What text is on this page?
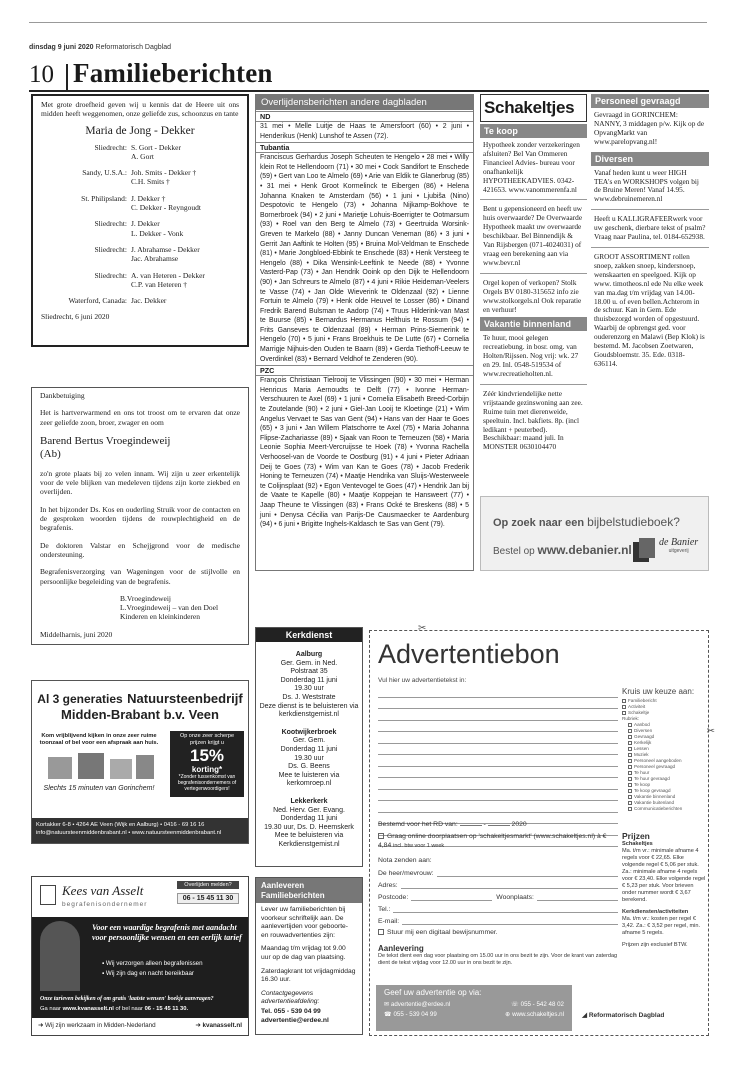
dinsdag 9 juni 2020 Reformatorisch Dagblad
10 Familieberichten
Met grote droefheid geven wij u kennis dat de Heere uit ons midden heeft weggenomen, onze geliefde zus, schoonzus en tante
Maria de Jong - Dekker
Sliedrecht: S. Gort - Dekker
A. Gort
Sandy, U.S.A.: Joh. Smits - Dekker †
C.H. Smits †
St. Philipsland: J. Dekker †
C. Dekker - Reyngoudt
Sliedrecht: J. Dekker
L. Dekker - Vonk
Sliedrecht: J. Abrahamse - Dekker
Jac. Abrahamse
Sliedrecht: A. van Heteren - Dekker
C.P. van Heteren †
Waterford, Canada: Jac. Dekker
Sliedrecht, 6 juni 2020

Dankbetuiging

Het is hartverwarmend en ons tot troost om te ervaren dat onze zeer geliefde zoon, broer, zwager en oom

Barend Bertus Vroegindeweij
(Ab)

zo'n grote plaats bij zo velen innam. Wij zijn u zeer erkentelijk voor de vele blijken van medeleven tijdens zijn korte ziekbed en overlijden.

In het bijzonder Ds. Kos en ouderling Struik voor de contacten en de gesproken woorden tijdens de rouwplechtigheid en de begrafenis.

De doktoren Valstar en Schejjgrond voor de medische ondersteuning.

Begrafenisverzorging van Wageningen voor de stijlvolle en persoonlijke begeleiding van de begrafenis.

B.Vroegindeweij
L.Vroegindeweij – van den Doel
Kinderen en kleinkinderen

Middelharnis, juni 2020

Overlijdensberichten andere dagbladen
ND
31 mei • Melle Luitje de Haas te Amersfoort (60) • 2 juni • Henderikus (Henk) Lunshof te Assen (72).
Tubantia
Franciscus Gerhardus Joseph Scheuten te Hengelo • 28 mei • Willy klein Rot te Hellendoorn (71) • 30 mei • Cock Sandifort te Enschede (59) • Gert van Loo te Almelo (69) • Arie van Eldik te Glanerbrug (85) • 31 mei • Henk Groot Kormelinck te Eibergen (86) • Helena Johanna Knaken te Amsterdam (56) • 1 juni • Ljubiša (Nino) Despotovic te Hengelo (73) • Johanna Nijkamp-Bokhove te Bornerbroek (94) • 2 juni • Marietje Lohuis-Boerrigter te Ootmarsum (93) • Roel van den Berg te Almelo (73) • Geertruida Worsink-Greven te Markelo (88) • Janny Duncan Veneman (86) • 3 juni • Gerrit Jan Aaftink te Holten (95) • Bruina Mol-Veldman te Enschede (81) • Marie Jongbloed-Ebbink te Enschede (83) • Henk Versteeg te Hengelo (88) • Dika Wensink-Leeftink te Neede (88) • Yvonne Vasterd-Pap (73) • Jan Hendrik Ooink op den Dijk te Hellendoorn (90) • Jan Schreurs te Almelo (87) • 4 juni • Rikie Heideman-Veelers te Vasse (74) • Jan Olde Wieverink te Oldenzaal (92) • Lienne Fortuin te Almelo (79) • Henk olde Heuvel te Losser (86) • Dinand Fredrik Barend Bulsman te Aadorp (74) • Truus Hilderink-van Mast te Buurse (85) • Bernardus Hermanus Helthuis te Rossum (94) • Frits Ganseves te Oldenzaal (89) • Herman Prins-Siemerink te Hengelo (70) • 5 juni • Frans Broekhuis te De Lutte (67) • Cornelia Marrigje Nijhuis-den Ouden te Baarn (89) • Gerda Tiethoff-Leeuw te Overdinkel (83) • Bernard Veldhof te Zenderen (90).
PZC
François Christiaan Tielrooij te Vlissingen (90) • 30 mei • Herman Henricus Maria Aernoudts te Delft (77) • Ivonne Herman-Verschuuren te Axel (69) • 1 juni • Cornelia Elisabeth Breed-Corbijn te Zoutelande (90) • 2 juni • Giel-Jan Looij te Kloetinge (21) • Wim Angelus Vervaet te Sas van Gent (94) • Hans van der Haar te Goes (65) • 3 juni • Jan Willem Platschorre te Axel (75) • Maria Johanna Flipse-Zachariasse (89) • Sjaak van Roon te Terneuzen (58) • Maria Leonie Sophia Meert-Vercruijsse te Hoek (78) • Yvonna Rachella Verhoosel-van de Voorde te Oostburg (91) • 4 juni • Pieter Adriaan Deij te Goes (73) • Wim van Kan te Goes (78) • Jacob Frederik Honing te Terneuzen (74) • Maatje Hendrika van Sluijs-Westerweele te Colijnsplaat (92) • Egon Ventevogel te Goes (47) • Hendrik Jan bij de Vaate te Kapelle (80) • Maatje Koppejan te Hansweert (77) • Jaap Theune te Vlissingen (83) • Frans Ocké te Breskens (88) • 5 juni • Denysa Cécilia van Parijs-De Causmaecker te Aardenburg (94) • 6 juni • Brigitte Inghels-Kaldasch te Sas van Gent (79).
Schakeltjes
Te koop
Hypotheek zonder verzekeringen afsluiten? Bel Van Ommeren Financieel Advies- bureau voor onafhankelijk HYPOTHEEKADVIES. 0342-421653. www.vanommerenfa.nl
Bent u gepensioneerd en heeft uw huis overwaarde? De Overwaarde Hypotheek maakt uw overwaarde beschikbaar. Bel Binnendijk & Van Rijsbergen (071-4024031) of vraag een berekening aan via www.bevr.nl
Orgel kopen of verkopen? Stolk Orgels BV 0180-315652 info zie www.stolkorgels.nl Ook reparatie en verhuur!
Vakantie binnenland
Te huur, mooi gelegen recreatiebung. in bosr. omg. van Holten/Rijssen. Nog vrij: wk. 27 en 29. Inl. 0548-519534 of www.recreatieholten.nl.
Zéér kindvriendelijke nette vrijstaande gezinswoning aan zee. Ruime tuin met dierenweide, speeltuin. Incl. bakfiets. 8p. (incl ledikant + peuterbed). Beschikbaar: maand juli. In MONSTER 0630104470
Personeel gevraagd
Gevraagd in GORINCHEM: NANNY, 3 middagen p/w. Kijk op de OpvangMarkt van www.parelopvang.nl!
Diversen
Vanaf heden kunt u weer HIGH TEA's en WORKSHOPS volgen bij de Bruine Meren! Vanaf 14.95. www.debruinemeren.nl
Heeft u KALLIGRAFEERwerk voor uw geschenk, dierbare tekst of psalm? Vraag naar Paulina, tel. 0184-652938.
GROOT ASSORTIMENT rollen snoep, zakken snoep, kindersnoep, wenskaarten en speelgoed. Kijk op www. timotheos.nl ede Nu elke week van ma.dag t/m vrijdag van 14.00-18.00 u. of even bellen.Achterom in de schuur. Kan in Gem. Ede thuisbezorgd worden of opgestuurd. Waarbij de opbrengst ged. voor ouderenzorg en Malawi (Bep Klok) is bestemd. M. Jacobsen Zoetwaren, Goudsbloemstr. 35. Ede. 0318-636114.
Op zoek naar een bijbelstudieboek?
Bestel op www.debanier.nl
de Banier
uitgeverij
Kerkdienst
Aalburg
Ger. Gem. in Ned.
Polstraat 35
Donderdag 11 juni
19.30 uur
Ds. J. Weststrate
Deze dienst is te beluisteren via kerkdienstgemist.nl
Kootwijkerbroek
Ger. Gem.
Donderdag 11 juni
19.30 uur
Ds. G. Beens
Mee te luisteren via kerkomroep.nl
Lekkerkerk
Ned. Herv. Ger. Evang.
Donderdag 11 juni
19.30 uur, Ds. D. Heemskerk
Mee te beluisteren via Kerkdienstgemist.nl
Aanleveren Familieberichten

Lever uw familieberichten bij voorkeur schriftelijk aan. De aanlevertijden voor geboorte- en rouwadvertenties zijn:

Maandag t/m vrijdag tot 9.00 uur op de dag van plaatsing.

Zaterdagkrant tot vrijdagmiddag 16.30 uur.

Contactgegevens advertentieafdeling:

Tel. 055 - 539 04 99
advertentie@erdee.nl

Al 3 generaties Natuursteenbedrijf
Midden-Brabant b.v. Veen
Kom vrijblijvend kijken in onze zeer ruime toonzaal of bel voor een afspraak aan huis.
Slechts 15 minuten van Gorinchem!
Op onze zeer scherpe prijzen krijgt u
15%
korting*
*Zonder tussenkomst van begrafenisondernemers of vertegenwoordigers!
Kortakker 6-8 • 4264 AE Veen (Wijk en Aalburg) • 0416 - 69 16 16
info@natuursteenmiddenbrabant.nl • www.natuursteenmiddenbrabant.nl
Kees van Asselt
begrafenisondernemer
Overlijden melden?
06 - 15 45 11 30
Voor een waardige begrafenis met aandacht voor persoonlijke wensen en een eerlijk tarief
▪ Wij verzorgen alleen begrafenissen
▪ Wij zijn dag en nacht bereikbaar
Onze tarieven bekijken of om gratis 'laatste wensen' boekje aanvragen?
Ga naar www.kvanasselt.nl of bel naar 06 - 15 45 11 30.
➜ Wij zijn werkzaam in Midden-Nederland	➜ kvanasselt.nl
✂
✂
Advertentiebon
Vul hier uw advertentietekst in:
Kruis uw keuze aan:
Familiebericht
Activiteit
Schakeltje
Rubriek:
Aanbod
Diversen
Gevraagd
Kerkelijk
Lessen
Muziek
Personeel aangeboden
Personeel gevraagd
Te huur
Te huur gevraagd
Te koop
Te koop gevraagd
Vakantie binnenland
Vakantie buitenland
Communicatieberichten
Bestemd voor het RD van:	-	2020
Graag online doorplaatsen op 'schakeltjesmarkt' (www.schakeltjes.nl) à € 4,84 incl. btw voor 1 week
Nota zenden aan:
De heer/mevrouw:
Adres:
Postcode:	Woonplaats:
Tel.:
E-mail:
Stuur mij een digitaal bewijsnummer.
Aanlevering
De tekst dient een dag voor plaatsing om 15.00 uur in ons bezit te zijn. Voor de krant van zaterdag dient de tekst vrijdag voor 12.00 uur in ons bezit te zijn.
Prijzen
Schakeltjes
Ma. t/m vr.: minimale afname 4 regels voor € 22,65. Elke volgende regel € 5,06 per stuk. Za.: minimale afname 4 regels voor € 23,40. Elke volgende regel € 5,23 per stuk. Voor brieven onder nummer wordt € 3,67 berekend.
Kerkdiensten/activiteiten
Ma. t/m vr.: kosten per regel € 3,42. Za.: € 3,52 per regel, min. afname 5 regels.
Prijzen zijn exclusief BTW.
Geef uw advertentie op via:
✉ advertentie@erdee.nl	☏ 055 - 542 48 02
☎ 055 - 539 04 99	⊕ www.schakeltjes.nl	◢ Reformatorisch Dagblad
